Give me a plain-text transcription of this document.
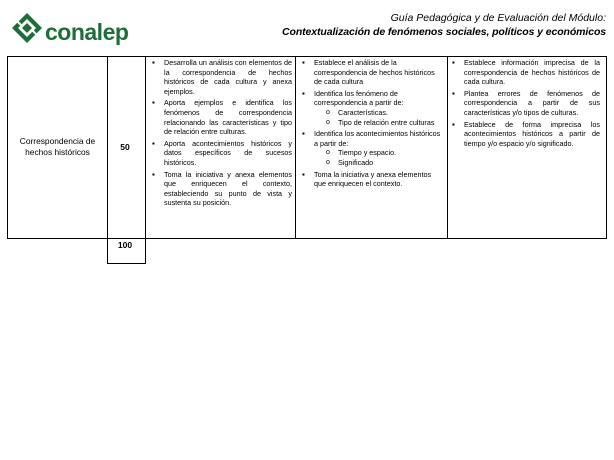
conalep
Guía Pedagógica y de Evaluación del Módulo:
Contextualización de fenómenos sociales, políticos y económicos
Correspondencia de hechos históricos	50
100
▪ Desarrolla un análisis con elementos de la correspondencia de hechos históricos de cada cultura y anexa ejemplos.
▪ Aporta ejemplos e identifica los fenómenos de correspondencia relacionando las características y tipo de relación entre culturas.
▪ Aporta acontecimientos históricos y datos específicos de sucesos históricos.
▪ Toma la iniciativa y anexa elementos que enriquecen el contexto, estableciendo su punto de vista y sustenta su posición.
▪ Establece el análisis de la correspondencia de hechos históricos de cada cultura
▪ Identifica los fenómeno de correspondencia a partir de:
o Características.
o Tipo de relación entre culturas
▪ Identifica los acontecimientos históricos a partir de:
o Tiempo y espacio.
o Significado
▪ Toma la iniciativa y anexa elementos que enriquecen el contexto.
▪ Establece información imprecisa de la correspondencia de hechos históricos de cada cultura.
▪ Plantea errores de fenómenos de correspondencia a partir de sus características y/o tipos de culturas.
▪ Establece de forma imprecisa los acontecimientos históricos a partir de tiempo y/o espacio y/o significado.
